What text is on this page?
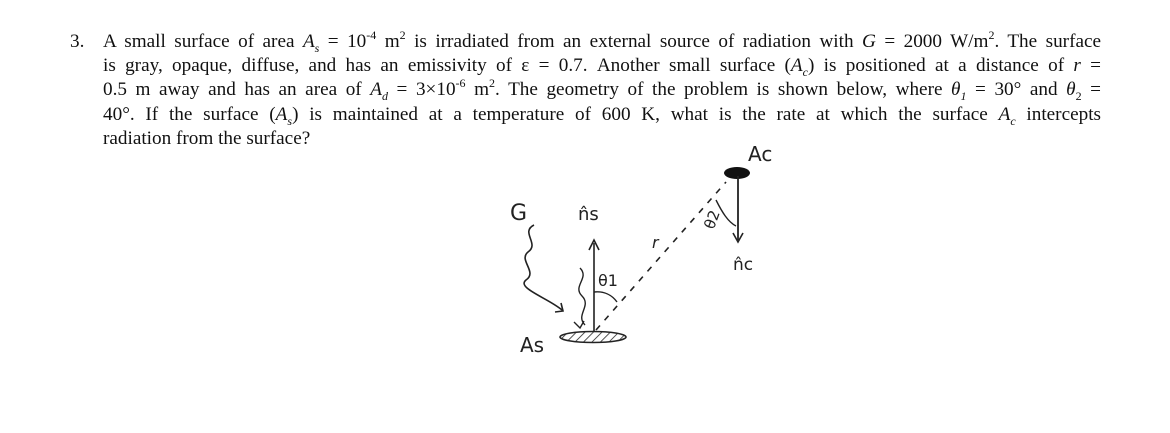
3. A small surface of area $A_s = 10^{-4}$ $m^2$ is irradiated from an external source of radiation with G = 2000 $W/m^2$. The surface
is gray, opaque, diffuse, and has an emissivity of ε = 0.7. Another small surface $(A_c)$ is positioned at a distance of r =
0.5 m away and has an area of $A_d = 3\times 10^{-6}$ $m^2$. The geometry of the problem is shown below, where $\theta_1 = 30^\circ$ and $\theta_2$ =
40°. If the surface $(A_s)$ is maintained at a temperature of 600 K, what is the rate at which the surface $A_c$ intercepts
radiation from the surface?
G	n̂s
r
θ1
θ2
Ac
n̂c
As
